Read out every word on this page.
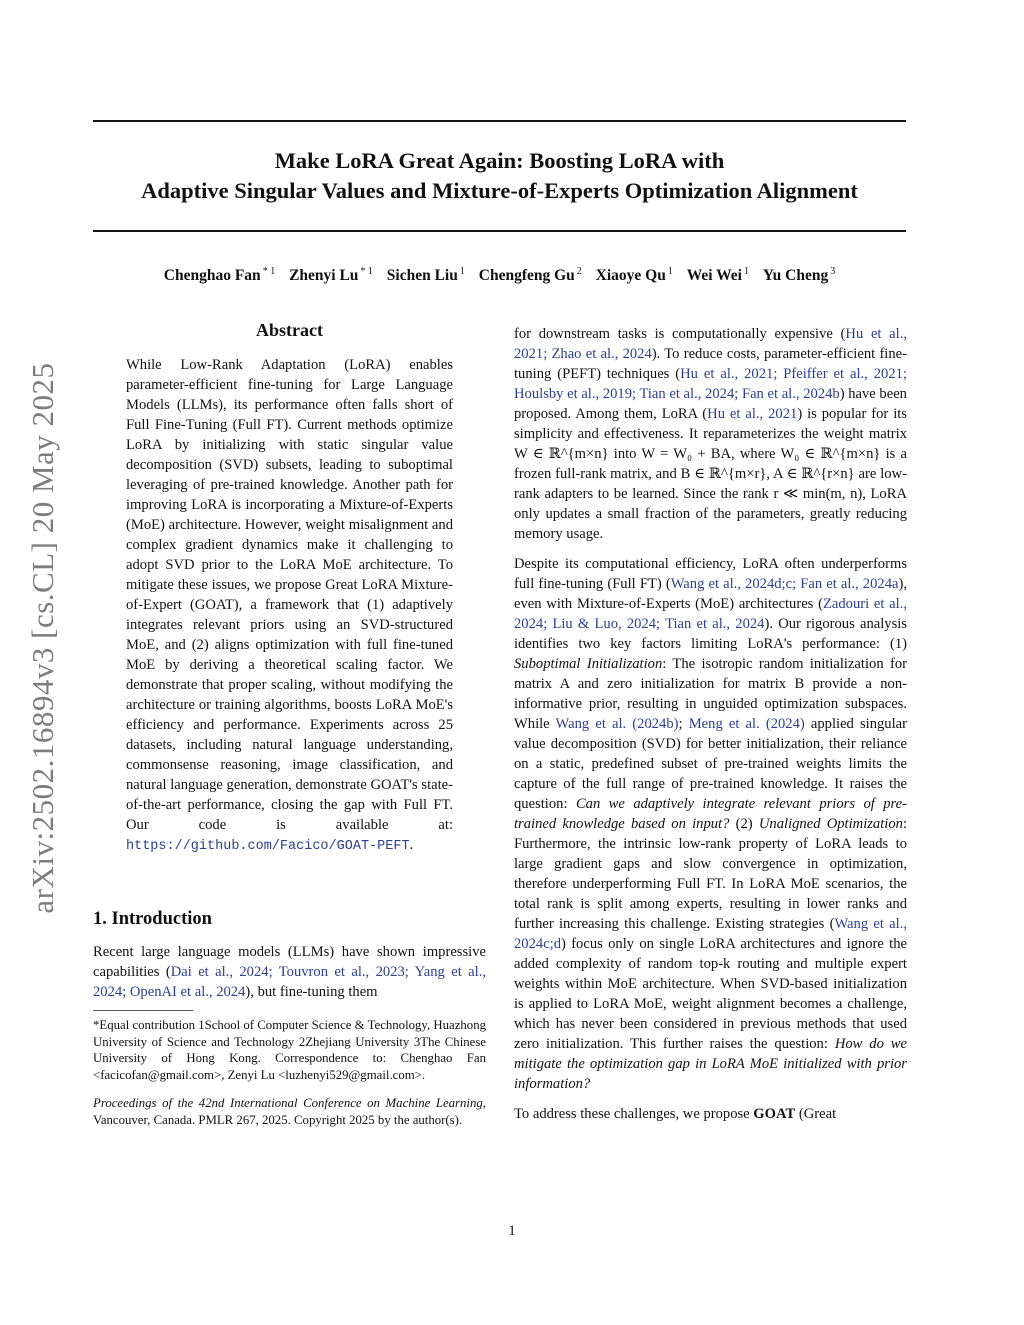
Make LoRA Great Again: Boosting LoRA with
Adaptive Singular Values and Mixture-of-Experts Optimization Alignment
Chenghao Fan $^{* 1}$ Zhenyi Lu $^{* 1}$ Sichen Liu $^1$ Chengfeng Gu $^2$ Xiaoye Qu $^1$ Wei Wei $^1$ Yu Cheng $^3$
arXiv:2502.16894v3 [cs.CL] 20 May 2025
Abstract
While Low-Rank Adaptation (LoRA) enables parameter-efficient fine-tuning for Large Language Models (LLMs), its performance often falls short of Full Fine-Tuning (Full FT). Current methods optimize LoRA by initializing with static singular value decomposition (SVD) subsets, leading to suboptimal leveraging of pre-trained knowledge. Another path for improving LoRA is incorporating a Mixture-of-Experts (MoE) architecture. However, weight misalignment and complex gradient dynamics make it challenging to adopt SVD prior to the LoRA MoE architecture. To mitigate these issues, we propose Great LoRA Mixture-of-Expert (GOAT), a framework that (1) adaptively integrates relevant priors using an SVD-structured MoE, and (2) aligns optimization with full fine-tuned MoE by deriving a theoretical scaling factor. We demonstrate that proper scaling, without modifying the architecture or training algorithms, boosts LoRA MoE's efficiency and performance. Experiments across 25 datasets, including natural language understanding, commonsense reasoning, image classification, and natural language generation, demonstrate GOAT's state-of-the-art performance, closing the gap with Full FT. Our code is available at: https://github.com/Facico/GOAT-PEFT.
1. Introduction

Recent large language models (LLMs) have shown impressive capabilities (Dai et al., 2024; Touvron et al., 2023; Yang et al., 2024; OpenAI et al., 2024), but fine-tuning them

*Equal contribution 1School of Computer Science & Technology, Huazhong University of Science and Technology 2Zhejiang University 3The Chinese University of Hong Kong. Correspondence to: Chenghao Fan <facicofan@gmail.com>, Zenyi Lu <luzhenyi529@gmail.com>.

Proceedings of the 42nd International Conference on Machine Learning, Vancouver, Canada. PMLR 267, 2025. Copyright 2025 by the author(s).

for downstream tasks is computationally expensive (Hu et al., 2021; Zhao et al., 2024). To reduce costs, parameter-efficient fine-tuning (PEFT) techniques (Hu et al., 2021; Pfeiffer et al., 2021; Houlsby et al., 2019; Tian et al., 2024; Fan et al., 2024b) have been proposed. Among them, LoRA (Hu et al., 2021) is popular for its simplicity and effectiveness. It reparameterizes the weight matrix W ∈ ℝ^{m×n} into W = W₀ + BA, where W₀ ∈ ℝ^{m×n} is a frozen full-rank matrix, and B ∈ ℝ^{m×r}, A ∈ ℝ^{r×n} are low-rank adapters to be learned. Since the rank r ≪ min(m, n), LoRA only updates a small fraction of the parameters, greatly reducing memory usage.

Despite its computational efficiency, LoRA often underperforms full fine-tuning (Full FT) (Wang et al., 2024d;c; Fan et al., 2024a), even with Mixture-of-Experts (MoE) architectures (Zadouri et al., 2024; Liu & Luo, 2024; Tian et al., 2024). Our rigorous analysis identifies two key factors limiting LoRA's performance: (1) Suboptimal Initialization: The isotropic random initialization for matrix A and zero initialization for matrix B provide a non-informative prior, resulting in unguided optimization subspaces. While Wang et al. (2024b); Meng et al. (2024) applied singular value decomposition (SVD) for better initialization, their reliance on a static, predefined subset of pre-trained weights limits the capture of the full range of pre-trained knowledge. It raises the question: Can we adaptively integrate relevant priors of pre-trained knowledge based on input? (2) Unaligned Optimization: Furthermore, the intrinsic low-rank property of LoRA leads to large gradient gaps and slow convergence in optimization, therefore underperforming Full FT. In LoRA MoE scenarios, the total rank is split among experts, resulting in lower ranks and further increasing this challenge. Existing strategies (Wang et al., 2024c;d) focus only on single LoRA architectures and ignore the added complexity of random top-k routing and multiple expert weights within MoE architecture. When SVD-based initialization is applied to LoRA MoE, weight alignment becomes a challenge, which has never been considered in previous methods that used zero initialization. This further raises the question: How do we mitigate the optimization gap in LoRA MoE initialized with prior information?

To address these challenges, we propose GOAT (Great

1
